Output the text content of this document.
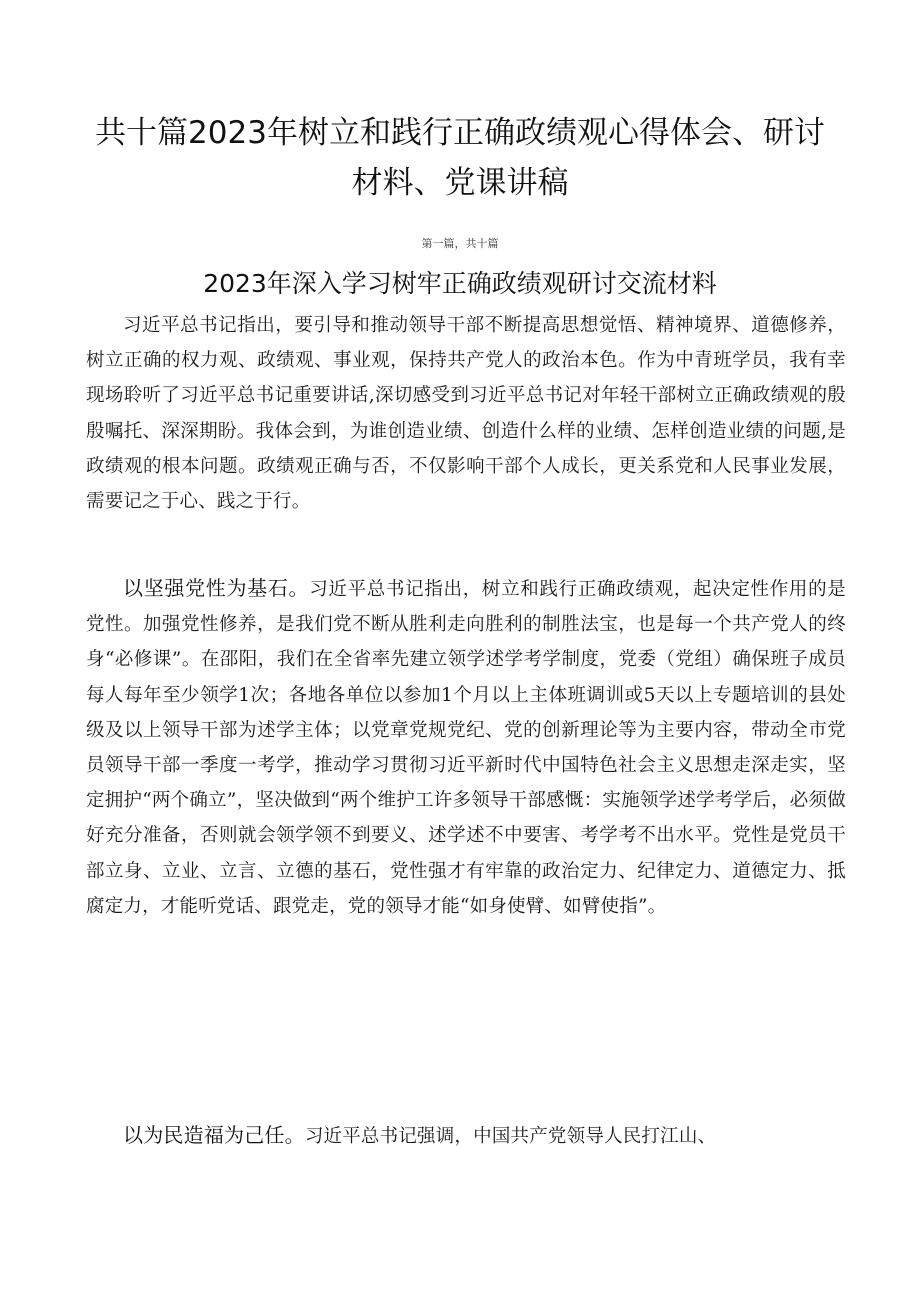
共十篇2023年树立和践行正确政绩观心得体会、研讨材料、党课讲稿
第一篇，共十篇
2023年深入学习树牢正确政绩观研讨交流材料

习近平总书记指出，要引导和推动领导干部不断提高思想觉悟、精神境界、道德修养，树立正确的权力观、政绩观、事业观，保持共产党人的政治本色。作为中青班学员，我有幸现场聆听了习近平总书记重要讲话,深切感受到习近平总书记对年轻干部树立正确政绩观的殷殷嘱托、深深期盼。我体会到，为谁创造业绩、创造什么样的业绩、怎样创造业绩的问题,是政绩观的根本问题。政绩观正确与否，不仅影响干部个人成长，更关系党和人民事业发展，需要记之于心、践之于行。

以坚强党性为基石。习近平总书记指出，树立和践行正确政绩观，起决定性作用的是党性。加强党性修养，是我们党不断从胜利走向胜利的制胜法宝，也是每一个共产党人的终身“必修课”。在邵阳，我们在全省率先建立领学述学考学制度，党委（党组）确保班子成员每人每年至少领学1次；各地各单位以参加1个月以上主体班调训或5天以上专题培训的县处级及以上领导干部为述学主体；以党章党规党纪、党的创新理论等为主要内容，带动全市党员领导干部一季度一考学，推动学习贯彻习近平新时代中国特色社会主义思想走深走实，坚定拥护“两个确立”，坚决做到“两个维护工许多领导干部感慨：实施领学述学考学后，必须做好充分准备，否则就会领学领不到要义、述学述不中要害、考学考不出水平。党性是党员干部立身、立业、立言、立德的基石，党性强才有牢靠的政治定力、纪律定力、道德定力、抵腐定力，才能听党话、跟党走，党的领导才能“如身使臂、如臂使指”。

以为民造福为己任。习近平总书记强调，中国共产党领导人民打江山、
